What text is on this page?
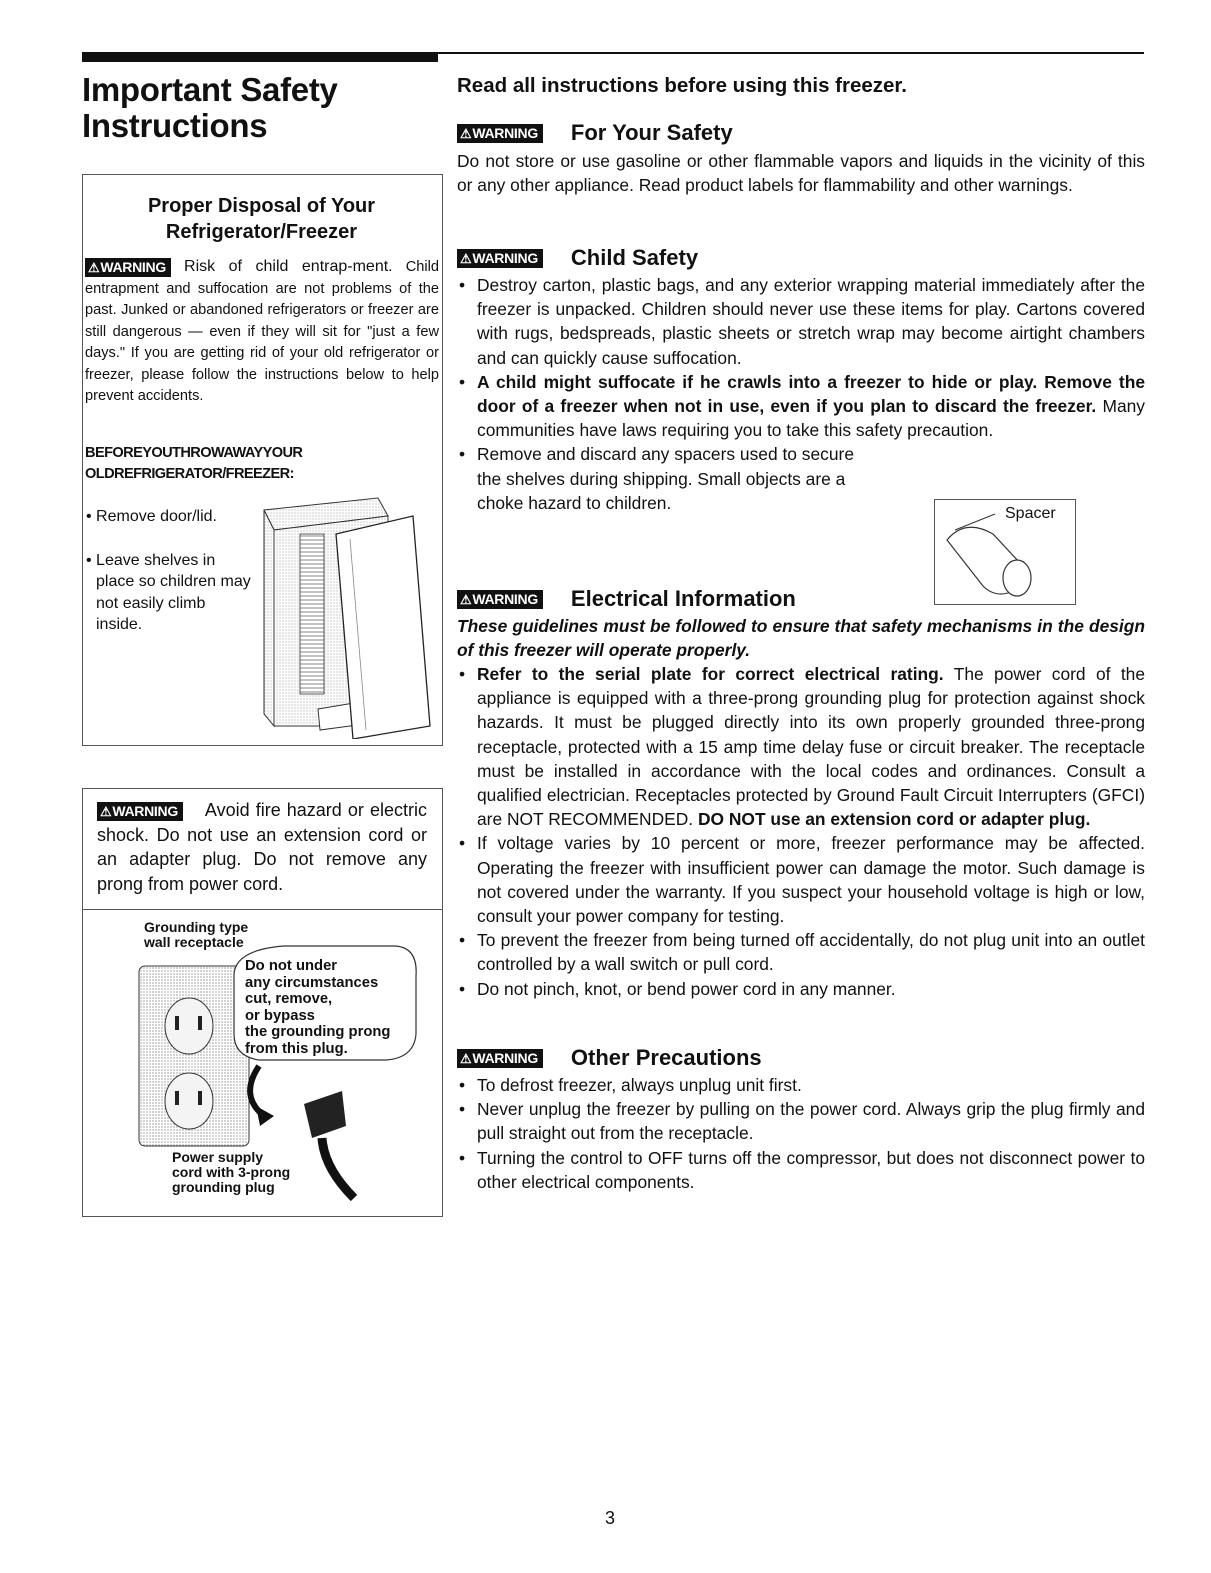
Important Safety
Instructions
Proper Disposal of Your
Refrigerator/Freezer

⚠WARNING Risk of child entrap-ment. Child entrapment and suffocation are not problems of the past. Junked or abandoned refrigerators or freezer are still dangerous — even if they will sit for "just a few days." If you are getting rid of your old refrigerator or freezer, please follow the instructions below to help prevent accidents.

BEFOREYOUTHROWAWAYYOUR
OLDREFRIGERATOR/FREEZER:

• Remove door/lid.
• Leave shelves in place so children may not easily climb inside.

⚠WARNING Avoid fire hazard or electric shock. Do not use an extension cord or an adapter plug. Do not remove any prong from power cord.

Grounding type
wall receptacle

Do not under
any circumstances
cut, remove,
or bypass
the grounding prong
from this plug.

Power supply
cord with 3-prong
grounding plug

Read all instructions before using this freezer.
⚠WARNING For Your Safety

Do not store or use gasoline or other flammable vapors and liquids in the vicinity of this or any other appliance. Read product labels for flammability and other warnings.

⚠WARNING Child Safety
• Destroy carton, plastic bags, and any exterior wrapping material immediately after the freezer is unpacked. Children should never use these items for play. Cartons covered with rugs, bedspreads, plastic sheets or stretch wrap may become airtight chambers and can quickly cause suffocation.
• A child might suffocate if he crawls into a freezer to hide or play. Remove the door of a freezer when not in use, even if you plan to discard the freezer. Many communities have laws requiring you to take this safety precaution.
• Remove and discard any spacers used to secure the shelves during shipping. Small objects are a choke hazard to children.

Spacer

⚠WARNING Electrical Information

These guidelines must be followed to ensure that safety mechanisms in the design of this freezer will operate properly.

• Refer to the serial plate for correct electrical rating. The power cord of the appliance is equipped with a three-prong grounding plug for protection against shock hazards. It must be plugged directly into its own properly grounded three-prong receptacle, protected with a 15 amp time delay fuse or circuit breaker. The receptacle must be installed in accordance with the local codes and ordinances. Consult a qualified electrician. Receptacles protected by Ground Fault Circuit Interrupters (GFCI) are NOT RECOMMENDED. DO NOT use an extension cord or adapter plug.
• If voltage varies by 10 percent or more, freezer performance may be affected. Operating the freezer with insufficient power can damage the motor. Such damage is not covered under the warranty. If you suspect your household voltage is high or low, consult your power company for testing.
• To prevent the freezer from being turned off accidentally, do not plug unit into an outlet controlled by a wall switch or pull cord.
• Do not pinch, knot, or bend power cord in any manner.
⚠WARNING Other Precautions
• To defrost freezer, always unplug unit first.
• Never unplug the freezer by pulling on the power cord. Always grip the plug firmly and pull straight out from the receptacle.
• Turning the control to OFF turns off the compressor, but does not disconnect power to other electrical components.

3
